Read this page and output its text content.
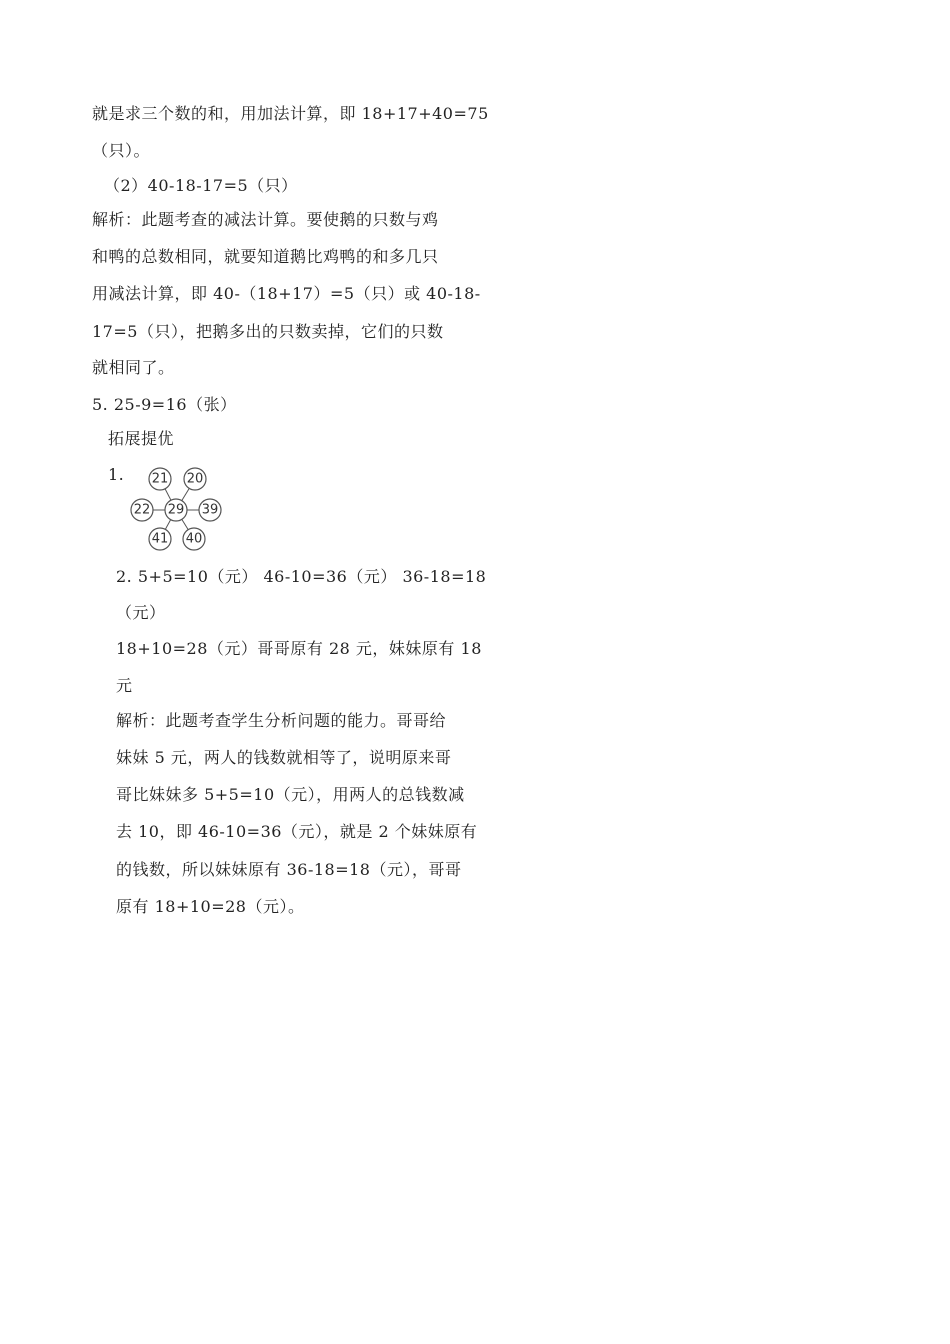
就是求三个数的和，用加法计算，即 18+17+40=75
（只）。
（2）40-18-17=5（只）
解析：此题考查的减法计算。要使鹅的只数与鸡
和鸭的总数相同，就要知道鹅比鸡鸭的和多几只
用减法计算，即 40-（18+17）=5（只）或 40-18-
17=5（只），把鹅多出的只数卖掉，它们的只数
就相同了。
5. 25-9=16（张）
拓展提优
1. 21 20
22 29 39
41 40
2. 5+5=10（元） 46-10=36（元） 36-18=18
（元）
18+10=28（元）哥哥原有 28 元，妹妹原有 18
元
解析：此题考查学生分析问题的能力。哥哥给
妹妹 5 元，两人的钱数就相等了，说明原来哥
哥比妹妹多 5+5=10（元），用两人的总钱数减
去 10，即 46-10=36（元），就是 2 个妹妹原有
的钱数，所以妹妹原有 36-18=18（元），哥哥
原有 18+10=28（元）。
